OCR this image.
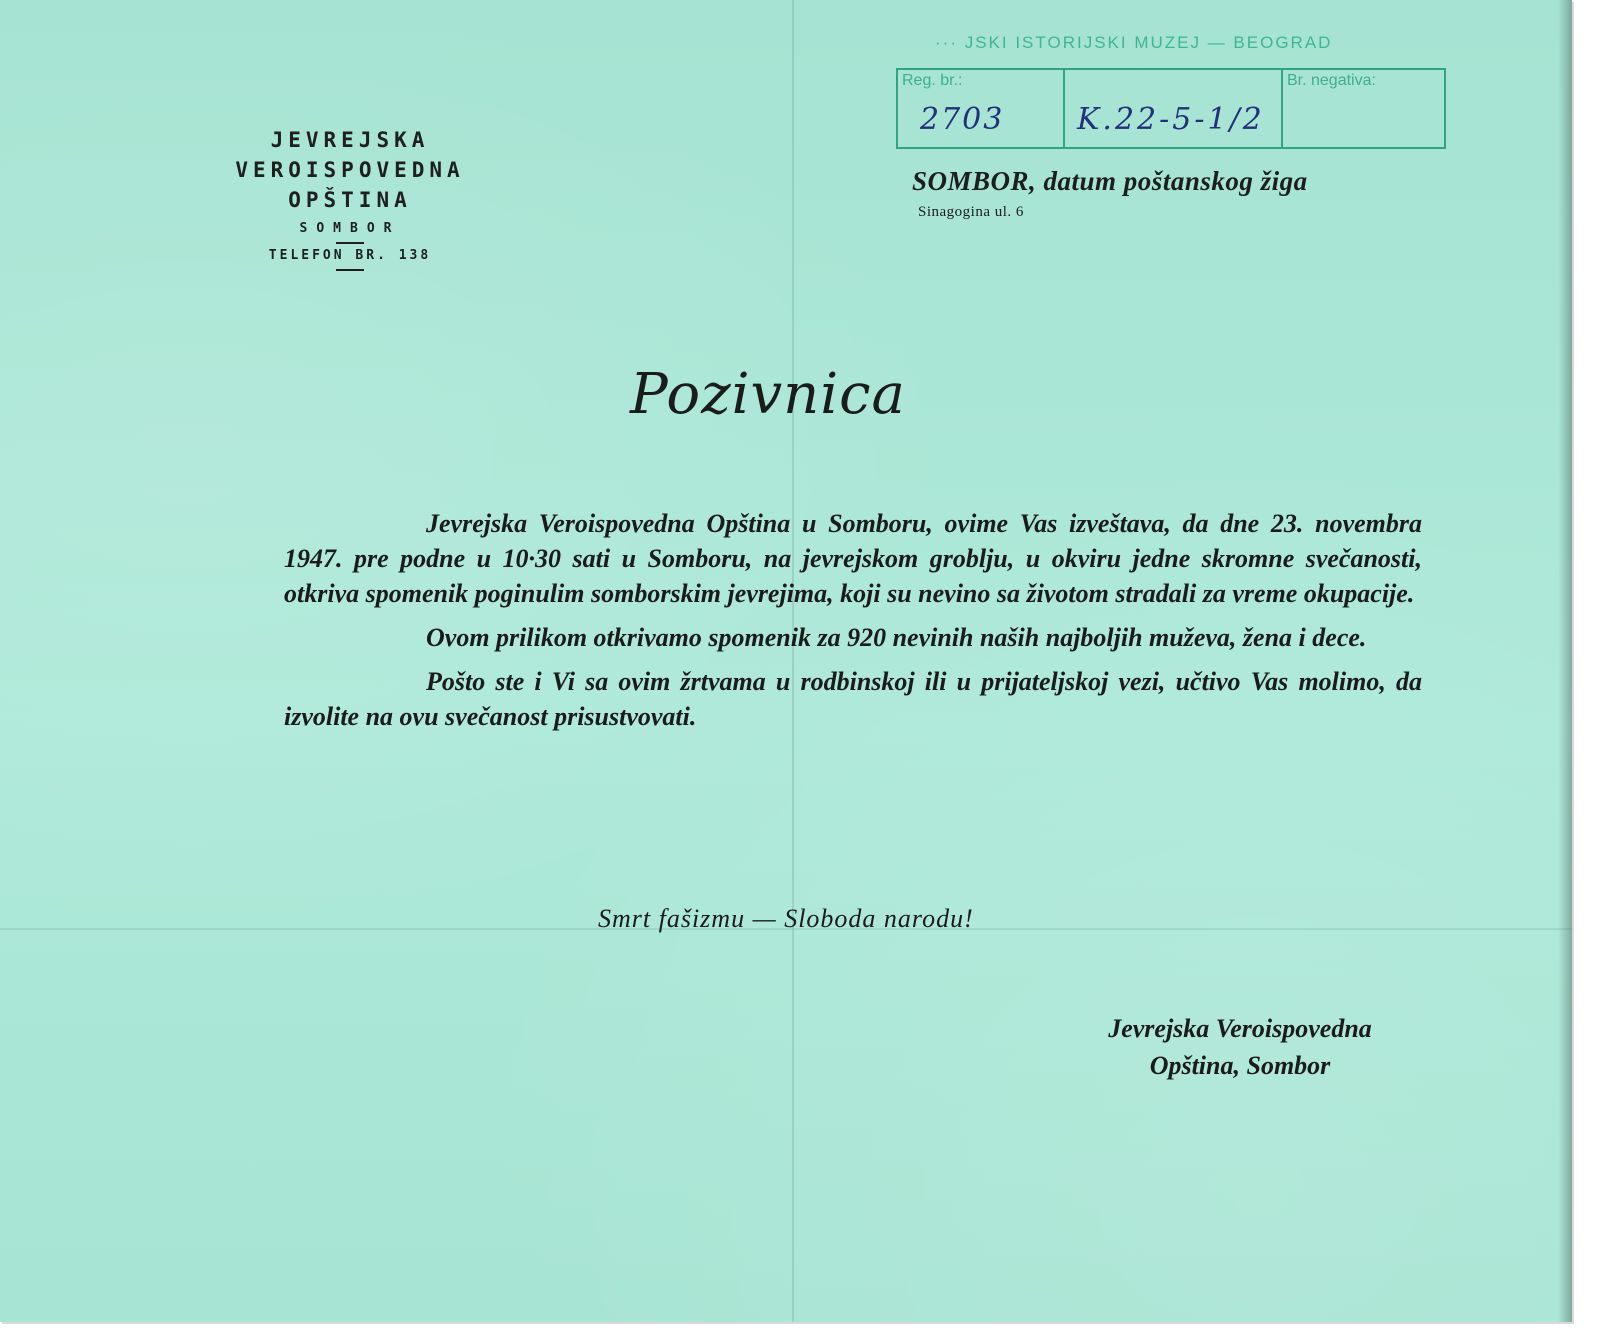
JEVREJSKA
VEROISPOVEDNA
OPŠTINA
SOMBOR
TELEFON BR. 138
··· JSKI ISTORIJSKI MUZEJ — BEOGRAD
Reg. br.:
2703 K.22-5-1/2
Br. negativa:
SOMBOR, datum poštanskog žiga
Sinagogina ul. 6
Pozivnica

Jevrejska Veroispovedna Opština u Somboru, ovime Vas izveštava, da dne 23. novembra 1947. pre podne u 10·30 sati u Somboru, na jevrejskom groblju, u okviru jedne skromne svečanosti, otkriva spomenik poginulim somborskim jevrejima, koji su nevino sa životom stradali za vreme okupacije.

Ovom prilikom otkrivamo spomenik za 920 nevinih naših najboljih muževa, žena i dece.

Pošto ste i Vi sa ovim žrtvama u rodbinskoj ili u prijateljskoj vezi, učtivo Vas molimo, da izvolite na ovu svečanost prisustvovati.

Smrt fašizmu — Sloboda narodu!
Jevrejska Veroispovedna
Opština, Sombor
